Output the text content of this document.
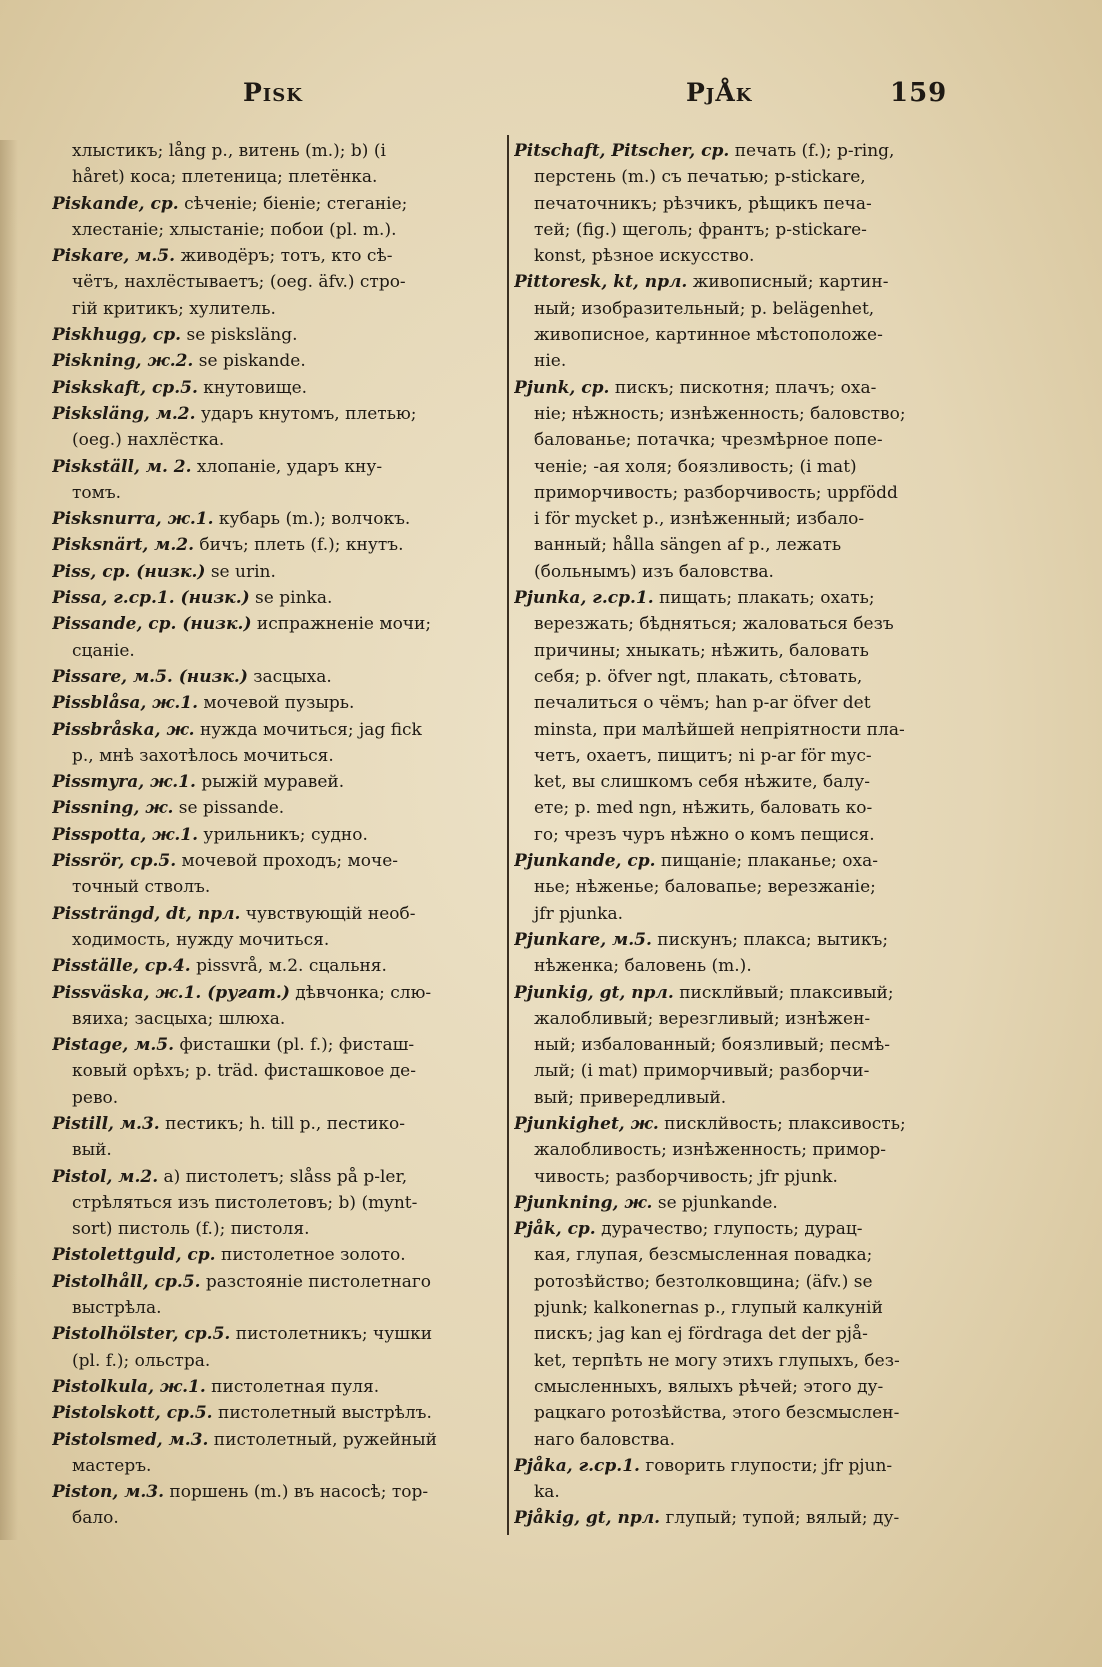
Pisk	PjÅk	159
хлыстикъ; lång p., витень (m.); b) (i
håret) коса; плетеница; плетёнка.
Piskande, ср. сѣченіе; біеніе; стеганіе;
хлестаніе; хлыстаніе; побои (pl. m.).
Piskare, м.5. живодёръ; тотъ, кто сѣ-
чётъ, нахлёстываетъ; (oeg. äfv.) стро-
гій критикъ; хулитель.
Piskhugg, ср. se pisksläng.
Piskning, ж.2. se piskande.
Piskskaft, ср.5. кнутовище.
Pisksläng, м.2. ударъ кнутомъ, плетью;
(oeg.) нахлёстка.
Piskställ, м. 2. хлопаніе, ударъ кну-
томъ.
Pisksnurra, ж.1. кубарь (m.); волчокъ.
Pisksnärt, м.2. бичъ; плеть (f.); кнутъ.
Piss, ср. (низк.) se urin.
Pissa, г.ср.1. (низк.) se pinka.
Pissande, ср. (низк.) испражненіе мочи;
сцаніе.
Pissare, м.5. (низк.) засцыха.
Pissblåsa, ж.1. мочевой пузырь.
Pissbråska, ж. нужда мочиться; jag fick
p., мнѣ захотѣлось мочиться.
Pissmyra, ж.1. рыжій муравей.
Pissning, ж. se pissande.
Pisspotta, ж.1. урильникъ; судно.
Pissrör, ср.5. мочевой проходъ; моче-
точный стволъ.
Pissträngd, dt, прл. чувствующій необ-
ходимость, нужду мочиться.
Pisställe, ср.4. pissvrå, м.2. сцальня.
Pissväska, ж.1. (ругат.) дѣвчонка; слю-
вяиха; засцыха; шлюха.
Pistage, м.5. фисташки (pl. f.); фисташ-
ковый орѣхъ; p. träd. фисташковое де-
рево.
Pistill, м.3. пестикъ; h. till p., пестико-
вый.
Pistol, м.2. а) пистолетъ; slåss på p-ler,
стрѣляться изъ пистолетовъ; b) (mynt-
sort) пистоль (f.); пистоля.
Pistolettguld, ср. пистолетное золото.
Pistolhåll, ср.5. разстояніе пистолетнаго
выстрѣла.
Pistolhölster, ср.5. пистолетникъ; чушки
(pl. f.); ольстра.
Pistolkula, ж.1. пистолетная пуля.
Pistolskott, ср.5. пистолетный выстрѣлъ.
Pistolsmed, м.3. пистолетный, ружейный
мастеръ.
Piston, м.3. поршень (m.) въ насосѣ; тор-
бало.
Pitschaft, Pitscher, ср. печать (f.); p-ring,
перстень (m.) съ печатью; p-stickare,
печаточникъ; рѣзчикъ, рѣщикъ печа-
тей; (fig.) щеголь; франтъ; p-stickare-
konst, рѣзное искусство.
Pittoresk, kt, прл. живописный; картин-
ный; изобразительный; p. belägenhet,
живописное, картинное мѣстоположе-
ніе.
Pjunk, ср. пискъ; пискотня; плачъ; оха-
ніе; нѣжность; изнѣженность; баловство;
балованье; потачка; чрезмѣрное попе-
ченіе; -ая холя; боязливость; (i mat)
приморчивость; разборчивость; uppfödd
i för mycket p., изнѣженный; избало-
ванный; hålla sängen af p., лежать
(больнымъ) изъ баловства.
Pjunka, г.ср.1. пищать; плакать; охать;
верезжать; бѣдняться; жаловаться безъ
причины; хныкать; нѣжить, баловать
себя; p. öfver ngt, плакать, сѣтовать,
печалиться о чёмъ; han p-ar öfver det
minsta, при малѣйшей непріятности пла-
четъ, охаетъ, пищитъ; ni p-ar för myc-
ket, вы слишкомъ себя нѣжите, балу-
ете; p. med ngn, нѣжить, баловать ко-
го; чрезъ чуръ нѣжно о комъ пещися.
Pjunkande, ср. пищаніе; плаканье; оха-
нье; нѣженье; баловапье; верезжаніе;
jfr pjunka.
Pjunkare, м.5. пискунъ; плакса; вытикъ;
нѣженка; баловень (m.).
Pjunkig, gt, прл. писклйвый; плаксивый;
жалобливый; верезгливый; изнѣжен-
ный; избалованный; боязливый; песмѣ-
лый; (i mat) приморчивый; разборчи-
вый; привередливый.
Pjunkighet, ж. писклйвость; плаксивость;
жалобливость; изнѣженность; примор-
чивость; разборчивость; jfr pjunk.
Pjunkning, ж. se pjunkande.
Pjåk, ср. дурачество; глупость; дурац-
кая, глупая, безсмысленная повадка;
ротозѣйство; безтолковщина; (äfv.) se
pjunk; kalkonernas p., глупый калкуній
пискъ; jag kan ej fördraga det der pjå-
ket, терпѣть не могу этихъ глупыхъ, без-
смысленныхъ, вялыхъ рѣчей; этого ду-
рацкаго ротозѣйства, этого безсмыслен-
наго баловства.
Pjåka, г.ср.1. говорить глупости; jfr pjun-
ka.
Pjåkig, gt, прл. глупый; тупой; вялый; ду-
